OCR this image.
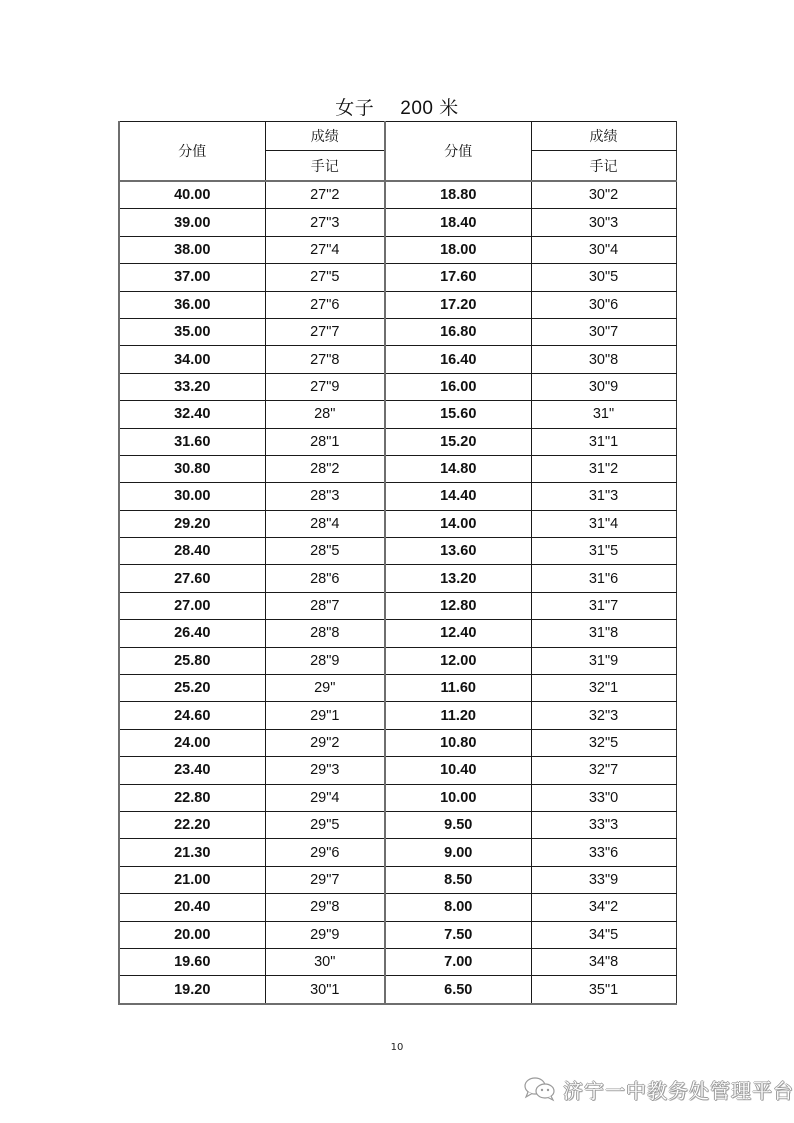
女子 200 米
分值	成绩	分值	成绩
	手记		手记
40.00	27"2	18.80	30"2
39.00	27"3	18.40	30"3
38.00	27"4	18.00	30"4
37.00	27"5	17.60	30"5
36.00	27"6	17.20	30"6
35.00	27"7	16.80	30"7
34.00	27"8	16.40	30"8
33.20	27"9	16.00	30"9
32.40	28"	15.60	31"
31.60	28"1	15.20	31"1
30.80	28"2	14.80	31"2
30.00	28"3	14.40	31"3
29.20	28"4	14.00	31"4
28.40	28"5	13.60	31"5
27.60	28"6	13.20	31"6
27.00	28"7	12.80	31"7
26.40	28"8	12.40	31"8
25.80	28"9	12.00	31"9
25.20	29"	11.60	32"1
24.60	29"1	11.20	32"3
24.00	29"2	10.80	32"5
23.40	29"3	10.40	32"7
22.80	29"4	10.00	33"0
22.20	29"5	9.50	33"3
21.30	29"6	9.00	33"6
21.00	29"7	8.50	33"9
20.40	29"8	8.00	34"2
20.00	29"9	7.50	34"5
19.60	30"	7.00	34"8
19.20	30"1	6.50	35"1
10
济宁一中教务处管理平台
